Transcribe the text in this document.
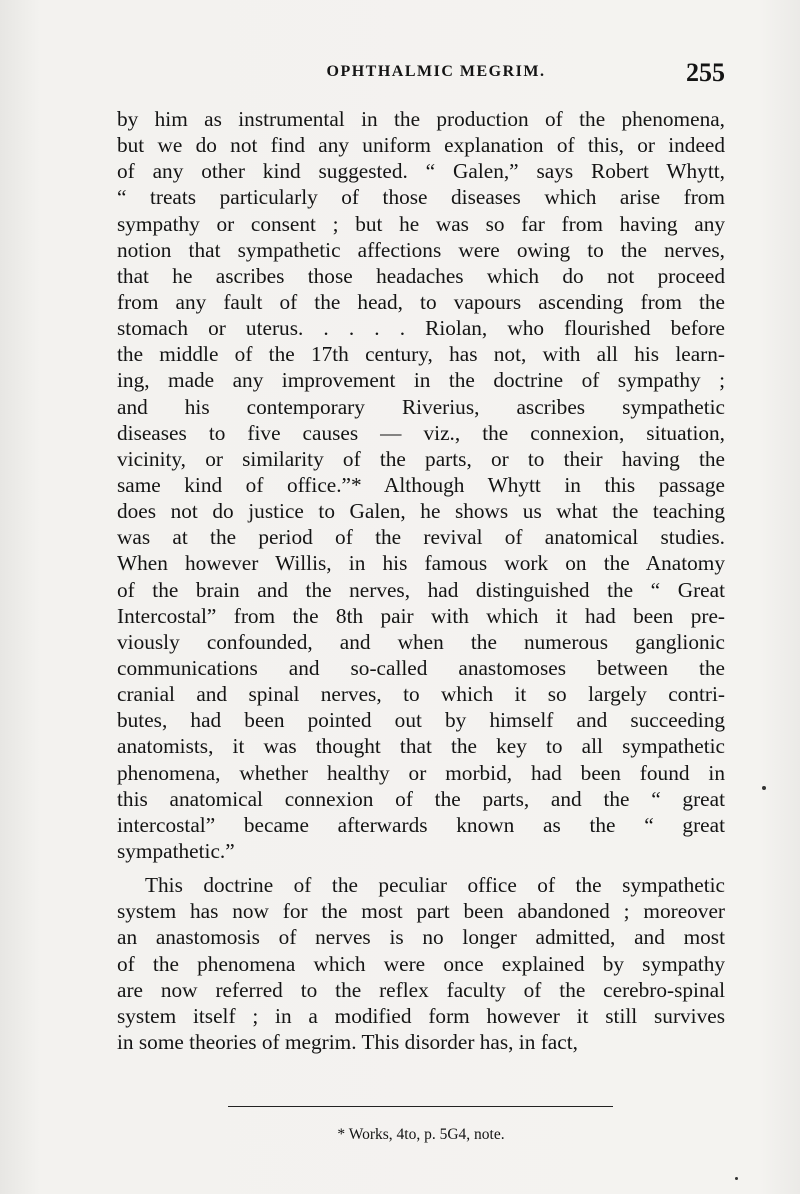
OPHTHALMIC MEGRIM.	255
by him as instrumental in the production of the phenomena,
but we do not find any uniform explanation of this, or indeed
of any other kind suggested. “ Galen,” says Robert Whytt,
“ treats particularly of those diseases which arise from
sympathy or consent ; but he was so far from having any
notion that sympathetic affections were owing to the nerves,
that he ascribes those headaches which do not proceed
from any fault of the head, to vapours ascending from the
stomach or uterus. . . . . Riolan, who flourished before
the middle of the 17th century, has not, with all his learn-
ing, made any improvement in the doctrine of sympathy ;
and his contemporary Riverius, ascribes sympathetic
diseases to five causes — viz., the connexion, situation,
vicinity, or similarity of the parts, or to their having the
same kind of office.”* Although Whytt in this passage
does not do justice to Galen, he shows us what the teaching
was at the period of the revival of anatomical studies.
When however Willis, in his famous work on the Anatomy
of the brain and the nerves, had distinguished the “ Great
Intercostal” from the 8th pair with which it had been pre-
viously confounded, and when the numerous ganglionic
communications and so-called anastomoses between the
cranial and spinal nerves, to which it so largely contri-
butes, had been pointed out by himself and succeeding
anatomists, it was thought that the key to all sympathetic
phenomena, whether healthy or morbid, had been found in
this anatomical connexion of the parts, and the “ great
intercostal” became afterwards known as the “ great
sympathetic.”
This doctrine of the peculiar office of the sympathetic
system has now for the most part been abandoned ; moreover
an anastomosis of nerves is no longer admitted, and most
of the phenomena which were once explained by sympathy
are now referred to the reflex faculty of the cerebro-spinal
system itself ; in a modified form however it still survives
in some theories of megrim. This disorder has, in fact,
* Works, 4to, p. 5G4, note.
